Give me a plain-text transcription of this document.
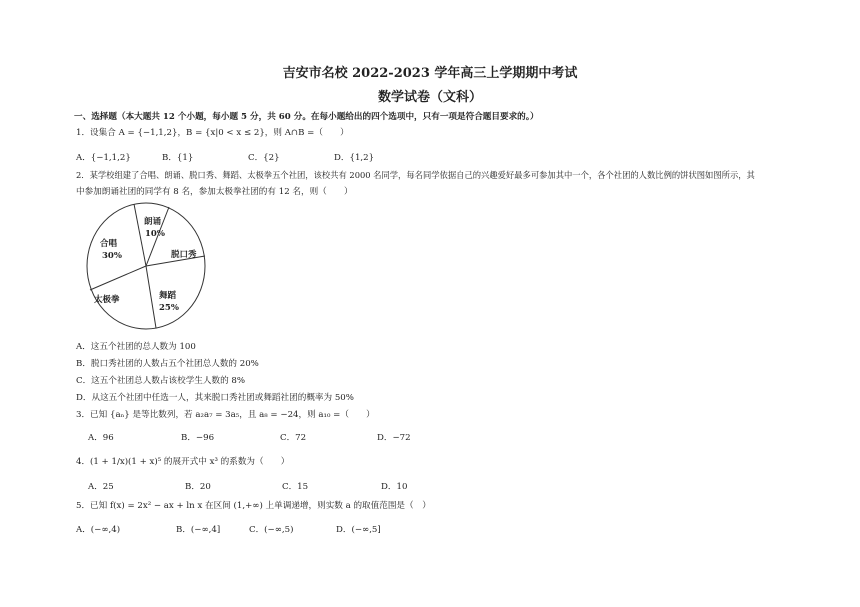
吉安市名校 2022-2023 学年高三上学期期中考试
数学试卷（文科）
一、选择题（本大题共 12 个小题，每小题 5 分，共 60 分。在每小题给出的四个选项中，只有一项是符合题目要求的。）
1．设集合 A = {−1,1,2}，B = {x|0 < x ≤ 2}，则 A∩B =（　　）
A．{−1,1,2}	B．{1}	C．{2}	D．{1,2}
2．某学校组建了合唱、朗诵、脱口秀、舞蹈、太极拳五个社团，该校共有 2000 名同学，每名同学依据自己的兴趣爱好最多可参加其中一个，各个社团的人数比例的饼状图如图所示，其
中参加朗诵社团的同学有 8 名，参加太极拳社团的有 12 名，则（　　）
合唱
30%
朗诵
10%
脱口秀
舞蹈
25%
太极拳
A．这五个社团的总人数为 100
B．脱口秀社团的人数占五个社团总人数的 20%
C．这五个社团总人数占该校学生人数的 8%
D．从这五个社团中任选一人，其来脱口秀社团或舞蹈社团的概率为 50%
3．已知 {aₙ} 是等比数列，若 a₂a₇ = 3a₅，且 a₈ = −24，则 a₁₀ =（　　）
A．96	B．−96	C．72	D．−72
4． (1 + 1/x)(1 + x)⁵ 的展开式中 x³ 的系数为（　　）
A．25	B．20	C．15	D．10
5．已知 f(x) = 2x² − ax + ln x 在区间 (1,+∞) 上单调递增，则实数 a 的取值范围是（　）
A．(−∞,4)	B．(−∞,4]	C．(−∞,5)	D．(−∞,5]
